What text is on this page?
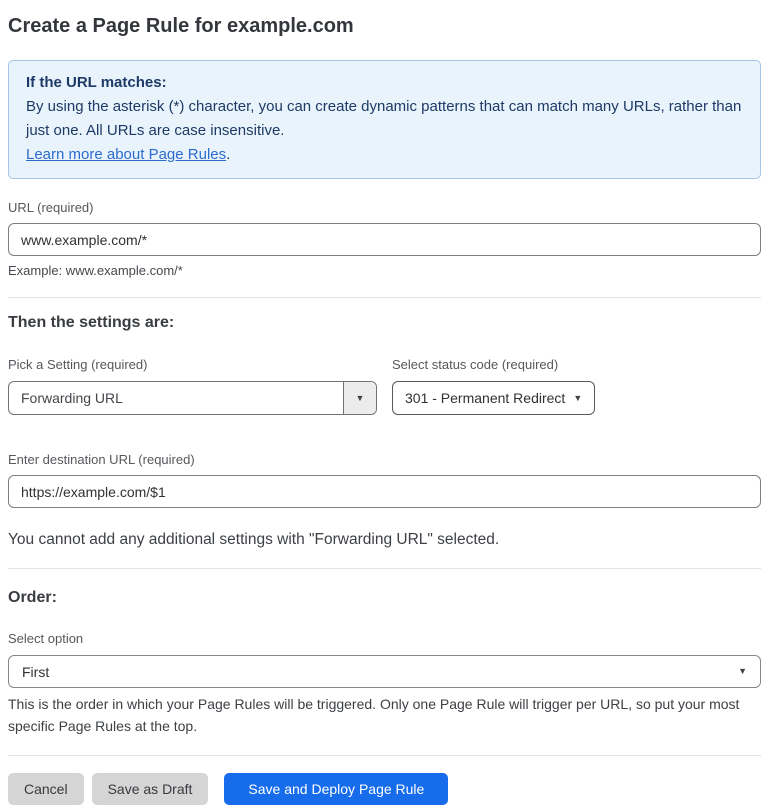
Create a Page Rule for example.com
If the URL matches:
By using the asterisk (*) character, you can create dynamic patterns that can match many URLs, rather than just one. All URLs are case insensitive.
Learn more about Page Rules.
URL (required)
www.example.com/*
Example: www.example.com/*
Then the settings are:
Pick a Setting (required)
Forwarding URL	▼
Select status code (required)
301 - Permanent Redirect ▼
Enter destination URL (required)
https://example.com/$1
You cannot add any additional settings with "Forwarding URL" selected.
Order:
Select option
First	▼
This is the order in which your Page Rules will be triggered. Only one Page Rule will trigger per URL, so put your most specific Page Rules at the top.
Cancel	Save as Draft	Save and Deploy Page Rule
